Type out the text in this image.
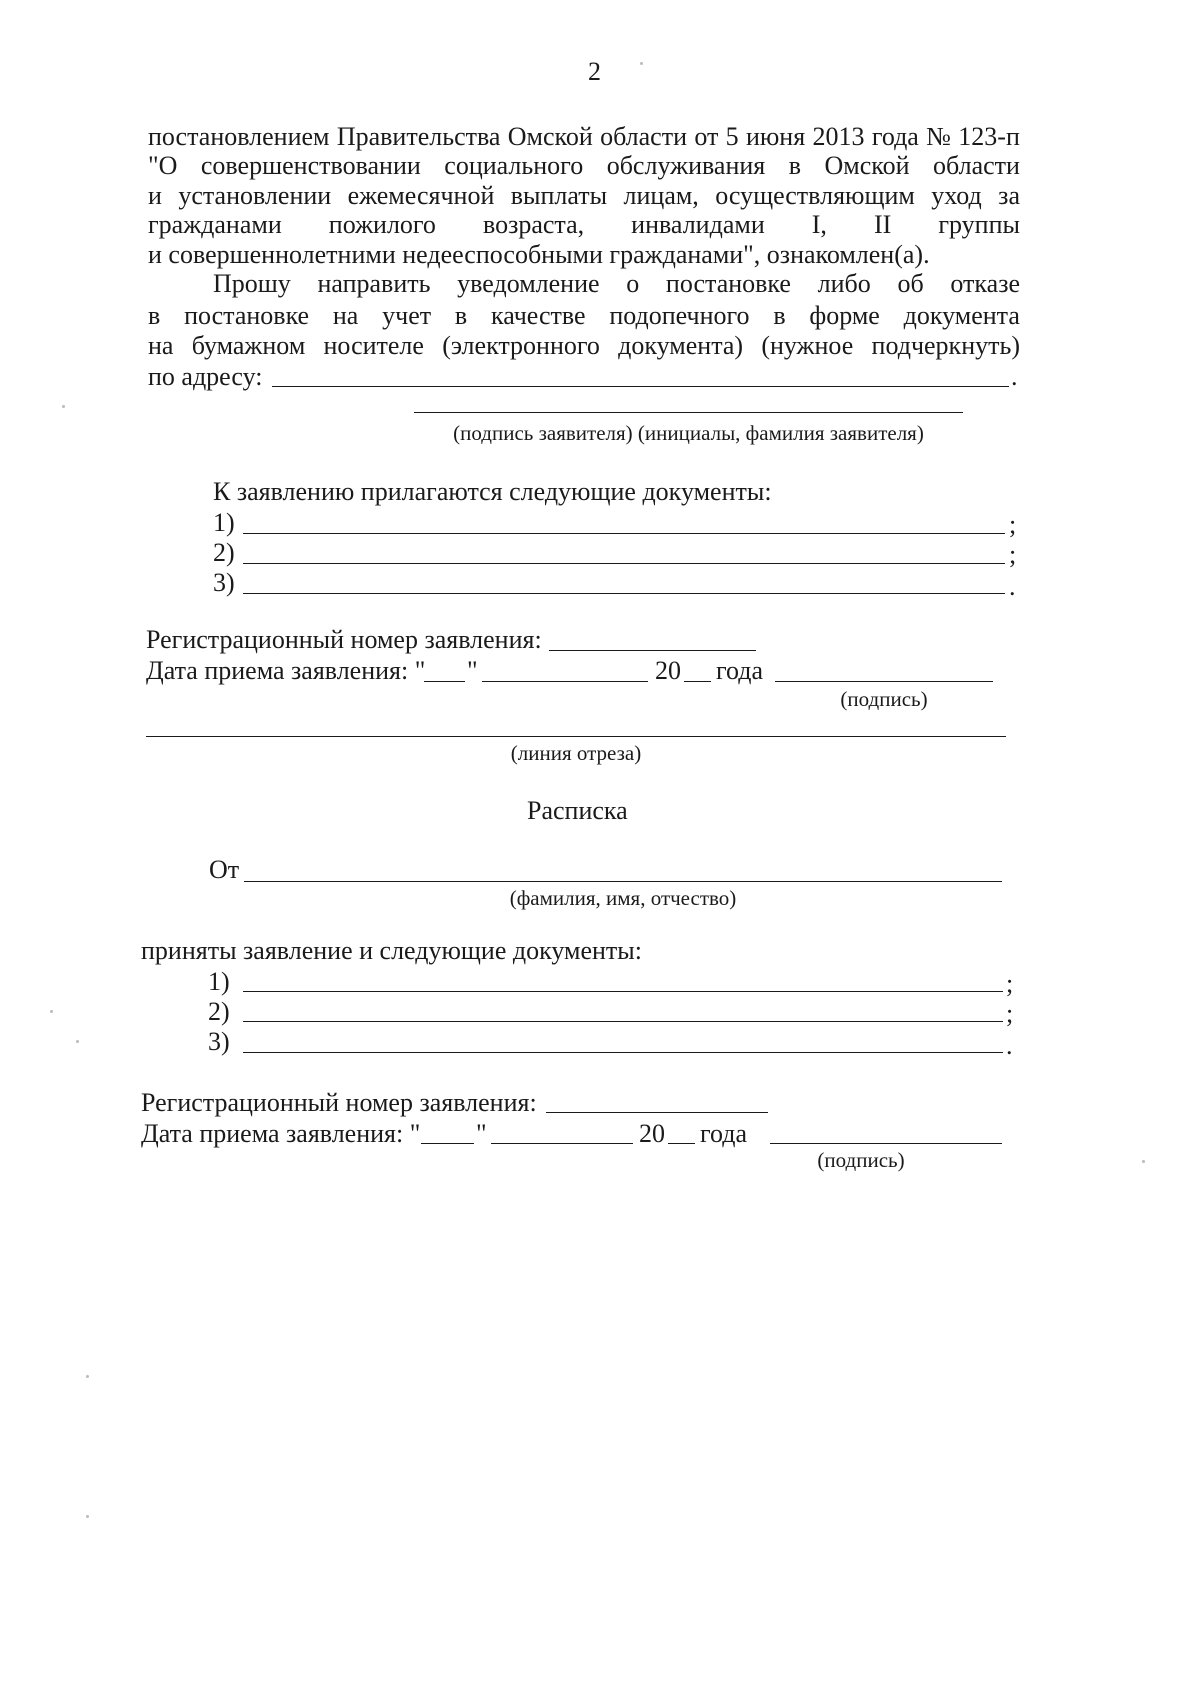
2
постановлением Правительства Омской области от 5 июня 2013 года № 123-п
"О совершенствовании социального обслуживания в Омской области
и установлении ежемесячной выплаты лицам, осуществляющим уход за
гражданами пожилого возраста, инвалидами I, II группы
и совершеннолетними недееспособными гражданами", ознакомлен(а).
Прошу направить уведомление о постановке либо об отказе
в постановке на учет в качестве подопечного в форме документа
на бумажном носителе (электронного документа) (нужное подчеркнуть)
по адресу:	.
(подпись заявителя) (инициалы, фамилия заявителя)
К заявлению прилагаются следующие документы:
1)	;
2)	;
3)	.
Регистрационный номер заявления:
Дата приема заявления: " "	20 года
(подпись)
(линия отреза)
Расписка
От
(фамилия, имя, отчество)
приняты заявление и следующие документы:
1)	;
2)	;
3)	.
Регистрационный номер заявления:
Дата приема заявления: " "	20 года
(подпись)
